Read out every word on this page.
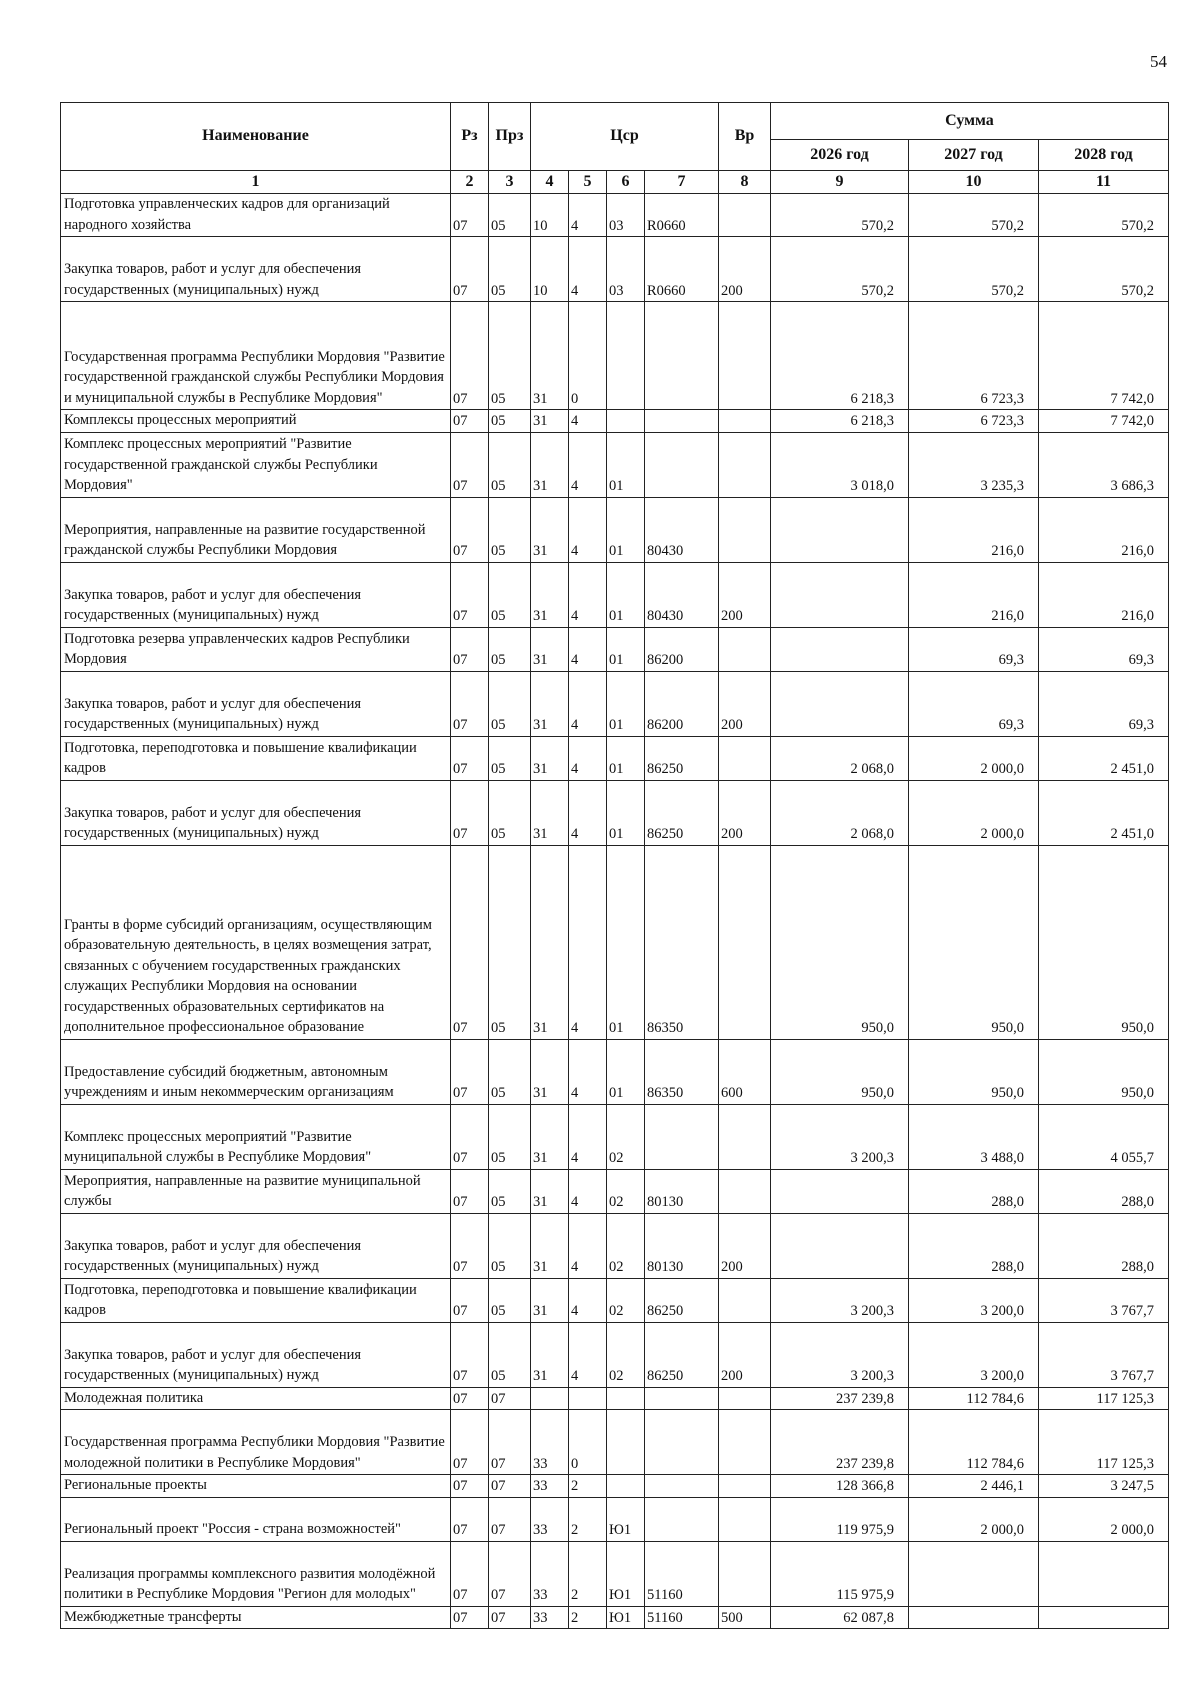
54
Наименование	Рз	Прз	Цср				Вр	Сумма		
								2026 год	2027 год	2028 год
1	2	3	4	5	6	7	8	9	10	11
Подготовка управленческих кадров для организаций народного хозяйства	07	05	10	4	03	R0660		570,2	570,2	570,2
Закупка товаров, работ и услуг для обеспечения государственных (муниципальных) нужд	07	05	10	4	03	R0660	200	570,2	570,2	570,2
Государственная программа Республики Мордовия "Развитие государственной гражданской службы Республики Мордовия и муниципальной службы в Республике Мордовия"	07	05	31	0				6 218,3	6 723,3	7 742,0
Комплексы процессных мероприятий	07	05	31	4				6 218,3	6 723,3	7 742,0
Комплекс процессных мероприятий "Развитие государственной гражданской службы Республики Мордовия"	07	05	31	4	01			3 018,0	3 235,3	3 686,3
Мероприятия, направленные на развитие государственной гражданской службы Республики Мордовия	07	05	31	4	01	80430			216,0	216,0
Закупка товаров, работ и услуг для обеспечения государственных (муниципальных) нужд	07	05	31	4	01	80430	200		216,0	216,0
Подготовка резерва управленческих кадров Республики Мордовия	07	05	31	4	01	86200			69,3	69,3
Закупка товаров, работ и услуг для обеспечения государственных (муниципальных) нужд	07	05	31	4	01	86200	200		69,3	69,3
Подготовка, переподготовка и повышение квалификации кадров	07	05	31	4	01	86250		2 068,0	2 000,0	2 451,0
Закупка товаров, работ и услуг для обеспечения государственных (муниципальных) нужд	07	05	31	4	01	86250	200	2 068,0	2 000,0	2 451,0
Гранты в форме субсидий организациям, осуществляющим образовательную деятельность, в целях возмещения затрат, связанных с обучением государственных гражданских служащих Республики Мордовия на основании государственных образовательных сертификатов на дополнительное профессиональное образование	07	05	31	4	01	86350		950,0	950,0	950,0
Предоставление субсидий бюджетным, автономным учреждениям и иным некоммерческим организациям	07	05	31	4	01	86350	600	950,0	950,0	950,0
Комплекс процессных мероприятий "Развитие муниципальной службы в Республике Мордовия"	07	05	31	4	02			3 200,3	3 488,0	4 055,7
Мероприятия, направленные на развитие муниципальной службы	07	05	31	4	02	80130			288,0	288,0
Закупка товаров, работ и услуг для обеспечения государственных (муниципальных) нужд	07	05	31	4	02	80130	200		288,0	288,0
Подготовка, переподготовка и повышение квалификации кадров	07	05	31	4	02	86250		3 200,3	3 200,0	3 767,7
Закупка товаров, работ и услуг для обеспечения государственных (муниципальных) нужд	07	05	31	4	02	86250	200	3 200,3	3 200,0	3 767,7
Молодежная политика	07	07						237 239,8	112 784,6	117 125,3
Государственная программа Республики Мордовия "Развитие молодежной политики в Республике Мордовия"	07	07	33	0				237 239,8	112 784,6	117 125,3
Региональные проекты	07	07	33	2				128 366,8	2 446,1	3 247,5
Региональный проект "Россия - страна возможностей"	07	07	33	2	Ю1			119 975,9	2 000,0	2 000,0
Реализация программы комплексного развития молодёжной политики в Республике Мордовия "Регион для молодых"	07	07	33	2	Ю1	51160		115 975,9		
Межбюджетные трансферты	07	07	33	2	Ю1	51160	500	62 087,8		
